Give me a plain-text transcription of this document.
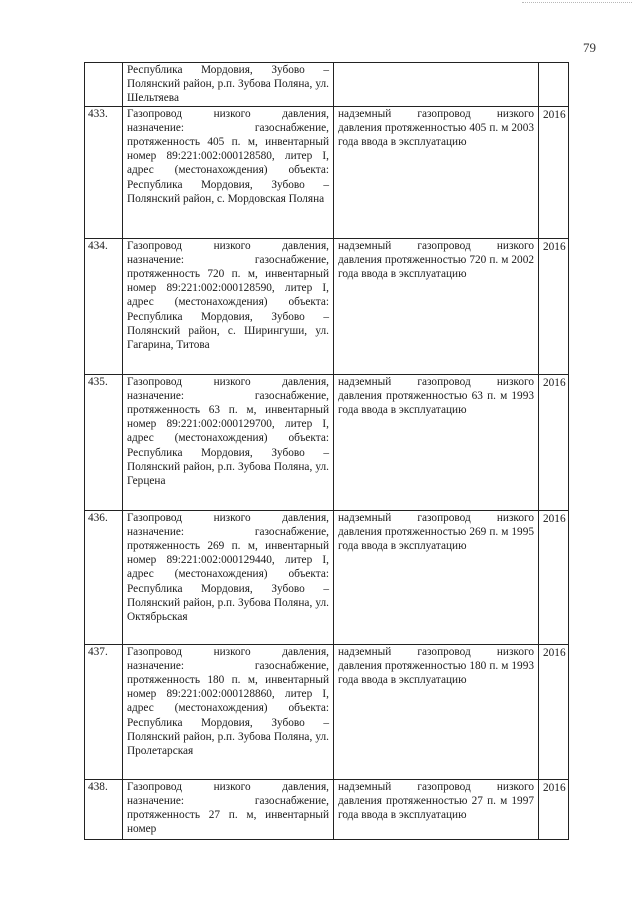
79
	Республика Мордовия, Зубово – Полянский район, р.п. Зубова Поляна, ул. Шельтяева		
433.	Газопровод низкого давления, назначение: газоснабжение, протяженность 405 п. м, инвентарный номер 89:221:002:000128580, литер I, адрес (местонахождения) объекта: Республика Мордовия, Зубово – Полянский район, с. Мордовская Поляна	надземный газопровод низкого давления протяженностью 405 п. м 2003 года ввода в эксплуатацию	2016
434.	Газопровод низкого давления, назначение: газоснабжение, протяженность 720 п. м, инвентарный номер 89:221:002:000128590, литер I, адрес (местонахождения) объекта: Республика Мордовия, Зубово – Полянский район, с. Ширингуши, ул. Гагарина, Титова	надземный газопровод низкого давления протяженностью 720 п. м 2002 года ввода в эксплуатацию	2016
435.	Газопровод низкого давления, назначение: газоснабжение, протяженность 63 п. м, инвентарный номер 89:221:002:000129700, литер I, адрес (местонахождения) объекта: Республика Мордовия, Зубово – Полянский район, р.п. Зубова Поляна, ул. Герцена	надземный газопровод низкого давления протяженностью 63 п. м 1993 года ввода в эксплуатацию	2016
436.	Газопровод низкого давления, назначение: газоснабжение, протяженность 269 п. м, инвентарный номер 89:221:002:000129440, литер I, адрес (местонахождения) объекта: Республика Мордовия, Зубово – Полянский район, р.п. Зубова Поляна, ул. Октябрьская	надземный газопровод низкого давления протяженностью 269 п. м 1995 года ввода в эксплуатацию	2016
437.	Газопровод низкого давления, назначение: газоснабжение, протяженность 180 п. м, инвентарный номер 89:221:002:000128860, литер I, адрес (местонахождения) объекта: Республика Мордовия, Зубово – Полянский район, р.п. Зубова Поляна, ул. Пролетарская	надземный газопровод низкого давления протяженностью 180 п. м 1993 года ввода в эксплуатацию	2016
438.	Газопровод низкого давления, назначение: газоснабжение, протяженность 27 п. м, инвентарный номер	надземный газопровод низкого давления протяженностью 27 п. м 1997 года ввода в эксплуатацию	2016
